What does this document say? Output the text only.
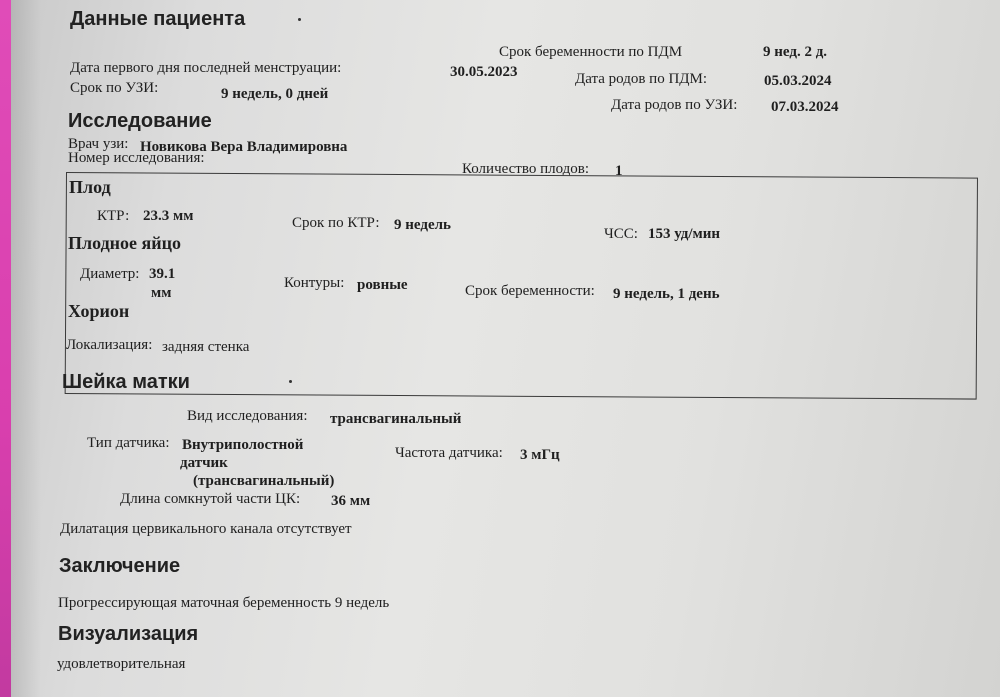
Данные пациента
Срок беременности по ПДМ	9 нед. 2 д.
Дата первого дня последней менструации:	30.05.2023	Дата родов по ПДМ:	05.03.2024
Срок по УЗИ:	9 недель, 0 дней
Дата родов по УЗИ: 07.03.2024
Исследование
Врач узи: Новикова Вера Владимировна
Номер исследования:
Количество плодов: 1
Плод
КТР: 23.3 мм	Срок по КТР: 9 недель
ЧСС: 153 уд/мин
Плодное яйцо
Диаметр: 39.1
мм
Контуры: ровные	Срок беременности: 9 недель, 1 день
Хорион
Локализация: задняя стенка
Шейка матки
Вид исследования: трансвагинальный
Тип датчика: Внутриполостной
датчик
(трансвагинальный)
Частота датчика: 3 мГц
Длина сомкнутой части ЦК: 36 мм
Дилатация цервикального канала отсутствует
Заключение
Прогрессирующая маточная беременность 9 недель
Визуализация
удовлетворительная
